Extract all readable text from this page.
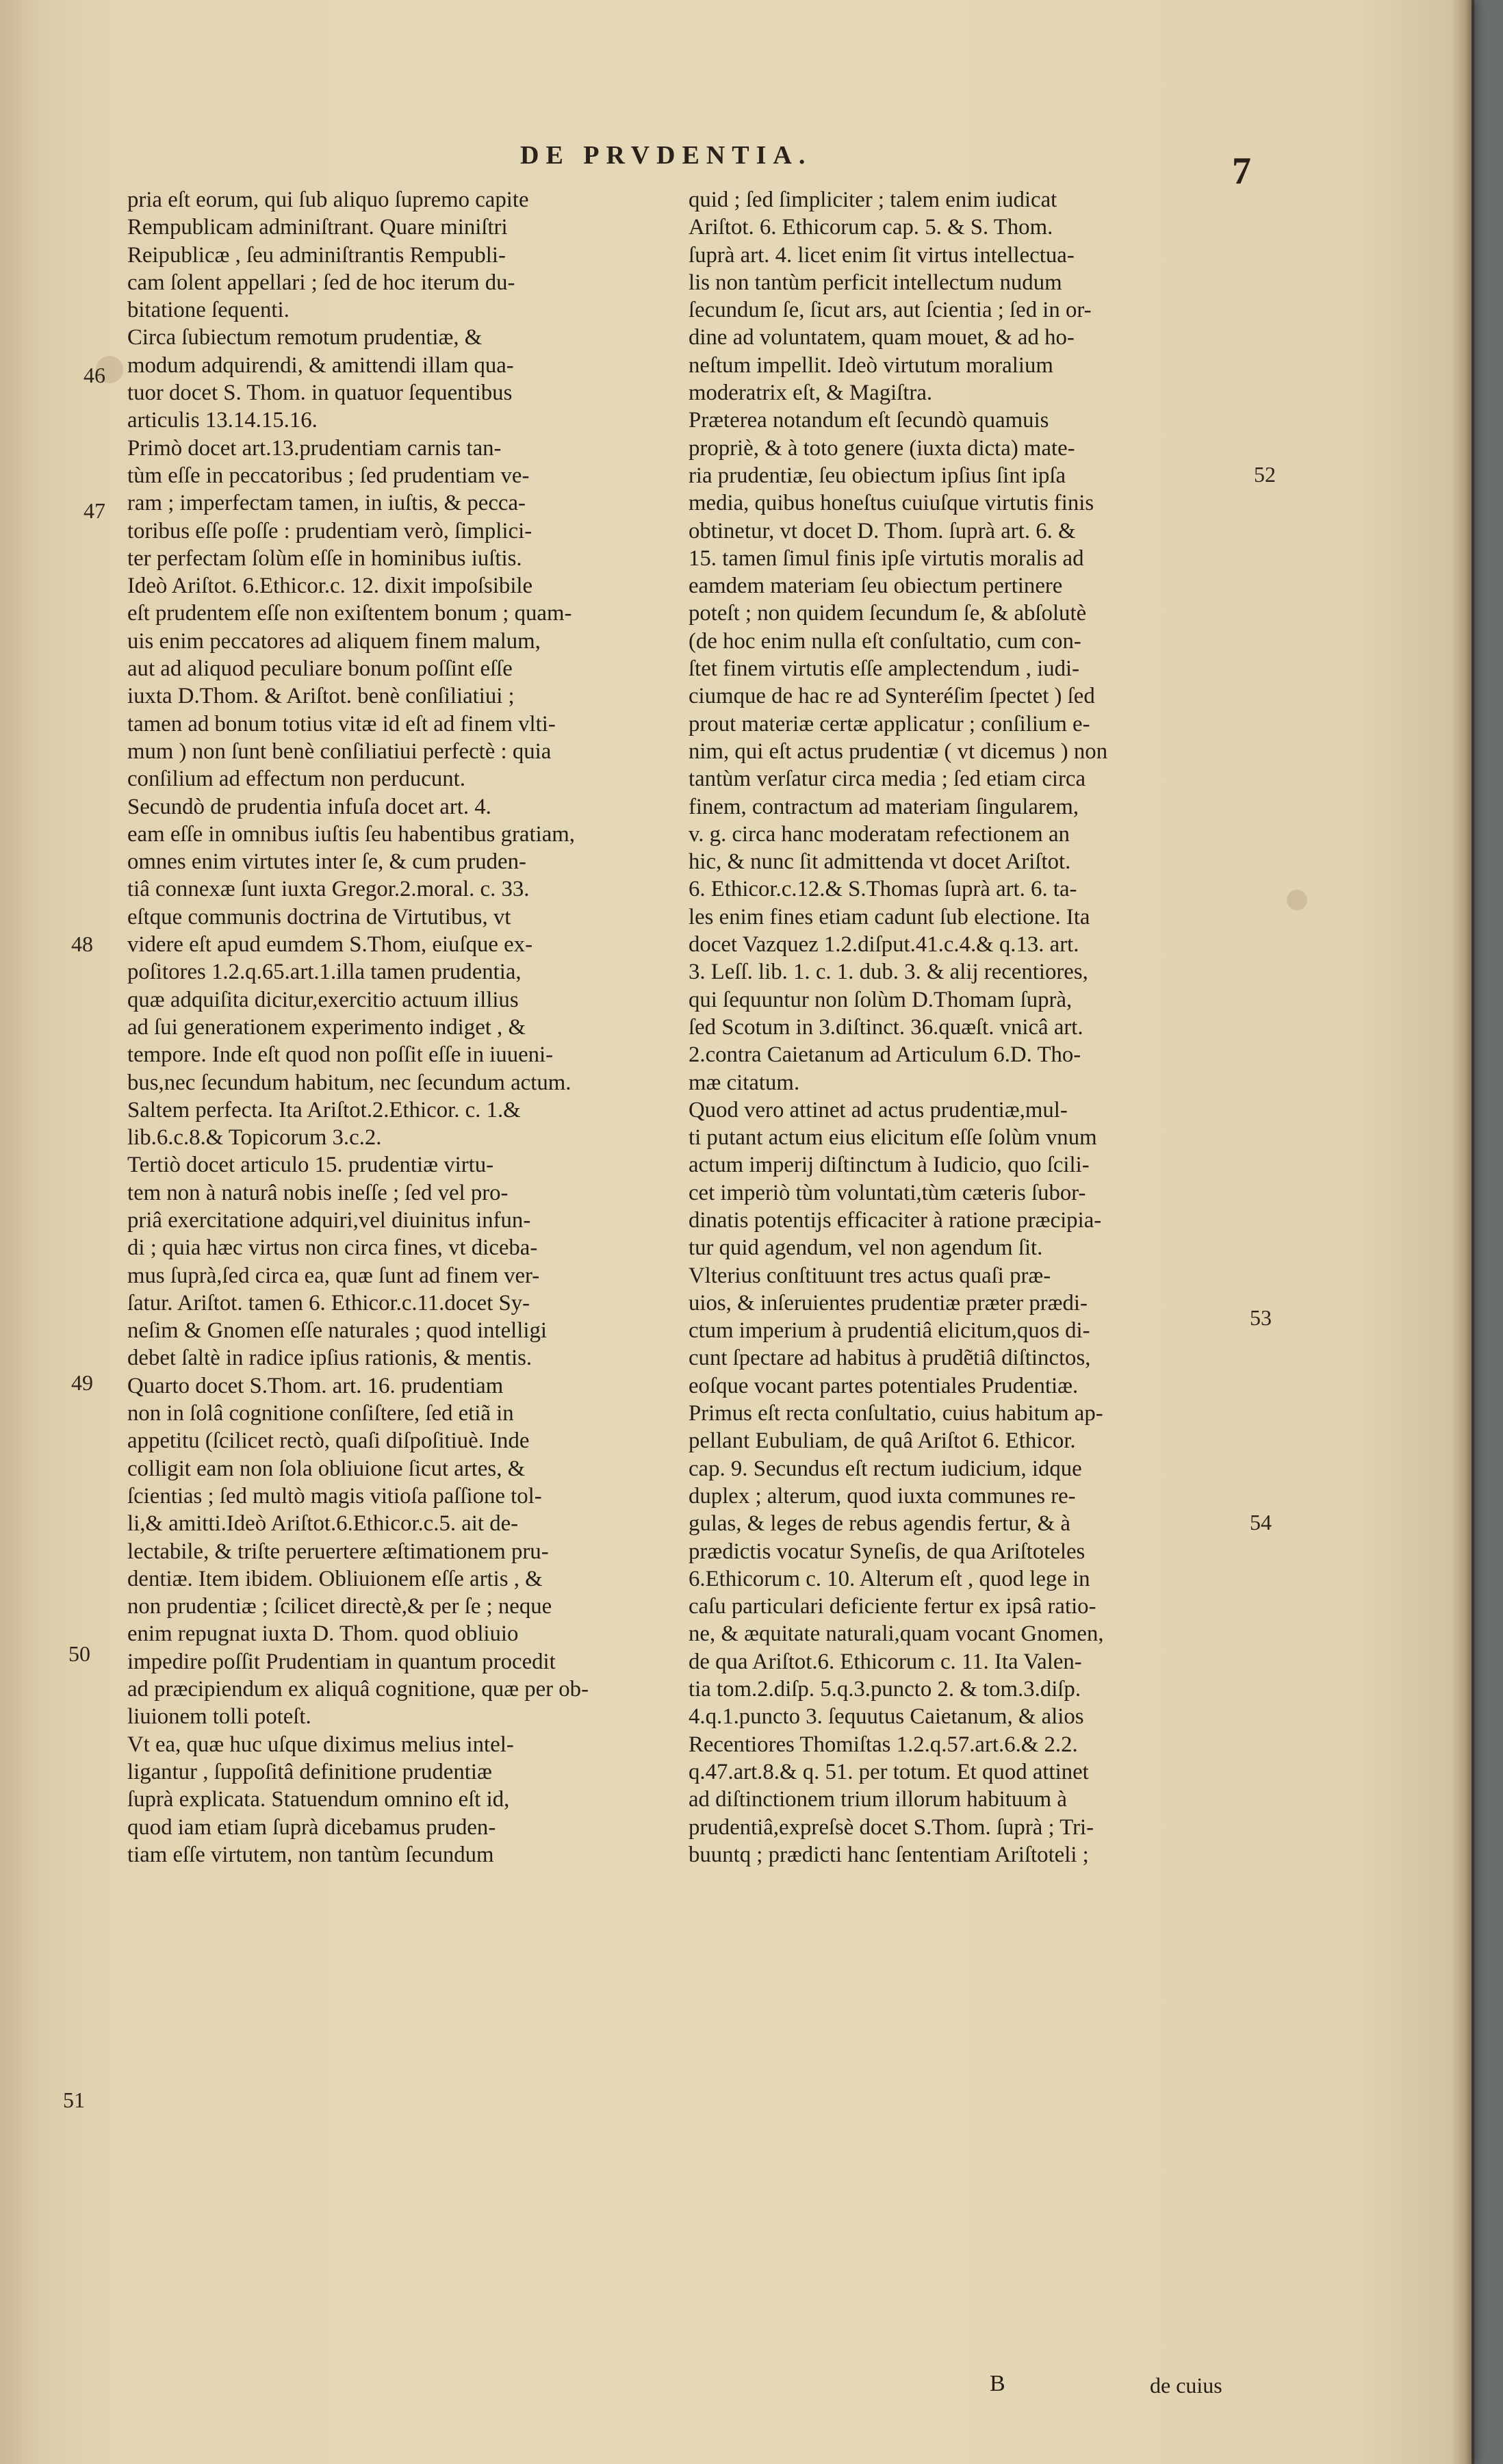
DE PRVDENTIA.	7
pria eſt eorum, qui ſub aliquo ſupremo capite
Rempublicam adminiſtrant. Quare miniſtri
Reipublicæ , ſeu adminiſtrantis Rempubli-
cam ſolent appellari ; ſed de hoc iterum du-
bitatione ſequenti.
Circa ſubiectum remotum prudentiæ, &
modum adquirendi, & amittendi illam qua-
tuor docet S. Thom. in quatuor ſequentibus
articulis 13.14.15.16.
Primò docet art.13.prudentiam carnis tan-
tùm eſſe in peccatoribus ; ſed prudentiam ve-
ram ; imperfectam tamen, in iuſtis, & pecca-
toribus eſſe poſſe : prudentiam verò, ſimplici-
ter perfectam ſolùm eſſe in hominibus iuſtis.
Ideò Ariſtot. 6.Ethicor.c. 12. dixit impoſsibile
eſt prudentem eſſe non exiſtentem bonum ; quam-
uis enim peccatores ad aliquem finem malum,
aut ad aliquod peculiare bonum poſſint eſſe
iuxta D.Thom. & Ariſtot. benè conſiliatiui ;
tamen ad bonum totius vitæ id eſt ad finem vlti-
mum ) non ſunt benè conſiliatiui perfectè : quia
conſilium ad effectum non perducunt.
Secundò de prudentia infuſa docet art. 4.
eam eſſe in omnibus iuſtis ſeu habentibus gratiam,
omnes enim virtutes inter ſe, & cum pruden-
tiâ connexæ ſunt iuxta Gregor.2.moral. c. 33.
eſtque communis doctrina de Virtutibus, vt
videre eſt apud eumdem S.Thom, eiuſque ex-
poſitores 1.2.q.65.art.1.illa tamen prudentia,
quæ adquiſita dicitur,exercitio actuum illius
ad ſui generationem experimento indiget , &
tempore. Inde eſt quod non poſſit eſſe in iuueni-
bus,nec ſecundum habitum, nec ſecundum actum.
Saltem perfecta. Ita Ariſtot.2.Ethicor. c. 1.&
lib.6.c.8.& Topicorum 3.c.2.
Tertiò docet articulo 15. prudentiæ virtu-
tem non à naturâ nobis ineſſe ; ſed vel pro-
priâ exercitatione adquiri,vel diuinitus infun-
di ; quia hæc virtus non circa fines, vt diceba-
mus ſuprà,ſed circa ea, quæ ſunt ad finem ver-
ſatur. Ariſtot. tamen 6. Ethicor.c.11.docet Sy-
neſim & Gnomen eſſe naturales ; quod intelligi
debet ſaltè in radice ipſius rationis, & mentis.
Quarto docet S.Thom. art. 16. prudentiam
non in ſolâ cognitione conſiſtere, ſed etiã in
appetitu (ſcilicet rectò, quaſi diſpoſitiuè. Inde
colligit eam non ſola obliuione ſicut artes, &
ſcientias ; ſed multò magis vitioſa paſſione tol-
li,& amitti.Ideò Ariſtot.6.Ethicor.c.5. ait de-
lectabile, & triſte peruertere æſtimationem pru-
dentiæ. Item ibidem. Obliuionem eſſe artis , &
non prudentiæ ; ſcilicet directè,& per ſe ; neque
enim repugnat iuxta D. Thom. quod obliuio
impedire poſſit Prudentiam in quantum procedit
ad præcipiendum ex aliquâ cognitione, quæ per ob-
liuionem tolli poteſt.
Vt ea, quæ huc uſque diximus melius intel-
ligantur , ſuppoſitâ definitione prudentiæ
ſuprà explicata. Statuendum omnino eſt id,
quod iam etiam ſuprà dicebamus pruden-
tiam eſſe virtutem, non tantùm ſecundum
quid ; ſed ſimpliciter ; talem enim iudicat
Ariſtot. 6. Ethicorum cap. 5. & S. Thom.
ſuprà art. 4. licet enim ſit virtus intellectua-
lis non tantùm perficit intellectum nudum
ſecundum ſe, ſicut ars, aut ſcientia ; ſed in or-
dine ad voluntatem, quam mouet, & ad ho-
neſtum impellit. Ideò virtutum moralium
moderatrix eſt, & Magiſtra.
Præterea notandum eſt ſecundò quamuis
propriè, & à toto genere (iuxta dicta) mate-
ria prudentiæ, ſeu obiectum ipſius ſint ipſa
media, quibus honeſtus cuiuſque virtutis finis
obtinetur, vt docet D. Thom. ſuprà art. 6. &
15. tamen ſimul finis ipſe virtutis moralis ad
eamdem materiam ſeu obiectum pertinere
poteſt ; non quidem ſecundum ſe, & abſolutè
(de hoc enim nulla eſt conſultatio, cum con-
ſtet finem virtutis eſſe amplectendum , iudi-
ciumque de hac re ad Synteréſim ſpectet ) ſed
prout materiæ certæ applicatur ; conſilium e-
nim, qui eſt actus prudentiæ ( vt dicemus ) non
tantùm verſatur circa media ; ſed etiam circa
finem, contractum ad materiam ſingularem,
v. g. circa hanc moderatam refectionem an
hic, & nunc ſit admittenda vt docet Ariſtot.
6. Ethicor.c.12.& S.Thomas ſuprà art. 6. ta-
les enim fines etiam cadunt ſub electione. Ita
docet Vazquez 1.2.diſput.41.c.4.& q.13. art.
3. Leſſ. lib. 1. c. 1. dub. 3. & alij recentiores,
qui ſequuntur non ſolùm D.Thomam ſuprà,
ſed Scotum in 3.diſtinct. 36.quæſt. vnicâ art.
2.contra Caietanum ad Articulum 6.D. Tho-
mæ citatum.
Quod vero attinet ad actus prudentiæ,mul-
ti putant actum eius elicitum eſſe ſolùm vnum
actum imperij diſtinctum à Iudicio, quo ſcili-
cet imperiò tùm voluntati,tùm cæteris ſubor-
dinatis potentijs efficaciter à ratione præcipia-
tur quid agendum, vel non agendum ſit.
Vlterius conſtituunt tres actus quaſi præ-
uios, & inſeruientes prudentiæ præter prædi-
ctum imperium à prudentiâ elicitum,quos di-
cunt ſpectare ad habitus à prudẽtiâ diſtinctos,
eoſque vocant partes potentiales Prudentiæ.
Primus eſt recta conſultatio, cuius habitum ap-
pellant Eubuliam, de quâ Ariſtot 6. Ethicor.
cap. 9. Secundus eſt rectum iudicium, idque
duplex ; alterum, quod iuxta communes re-
gulas, & leges de rebus agendis fertur, & à
prædictis vocatur Syneſis, de qua Ariſtoteles
6.Ethicorum c. 10. Alterum eſt , quod lege in
caſu particulari deficiente fertur ex ipsâ ratio-
ne, & æquitate naturali,quam vocant Gnomen,
de qua Ariſtot.6. Ethicorum c. 11. Ita Valen-
tia tom.2.diſp. 5.q.3.puncto 2. & tom.3.diſp.
4.q.1.puncto 3. ſequutus Caietanum, & alios
Recentiores Thomiſtas 1.2.q.57.art.6.& 2.2.
q.47.art.8.& q. 51. per totum. Et quod attinet
ad diſtinctionem trium illorum habituum à
prudentiâ,expreſsè docet S.Thom. ſuprà ; Tri-
buuntq ; prædicti hanc ſententiam Ariſtoteli ;
46
47
48
49
50
51
52
53
54
B	de cuius
